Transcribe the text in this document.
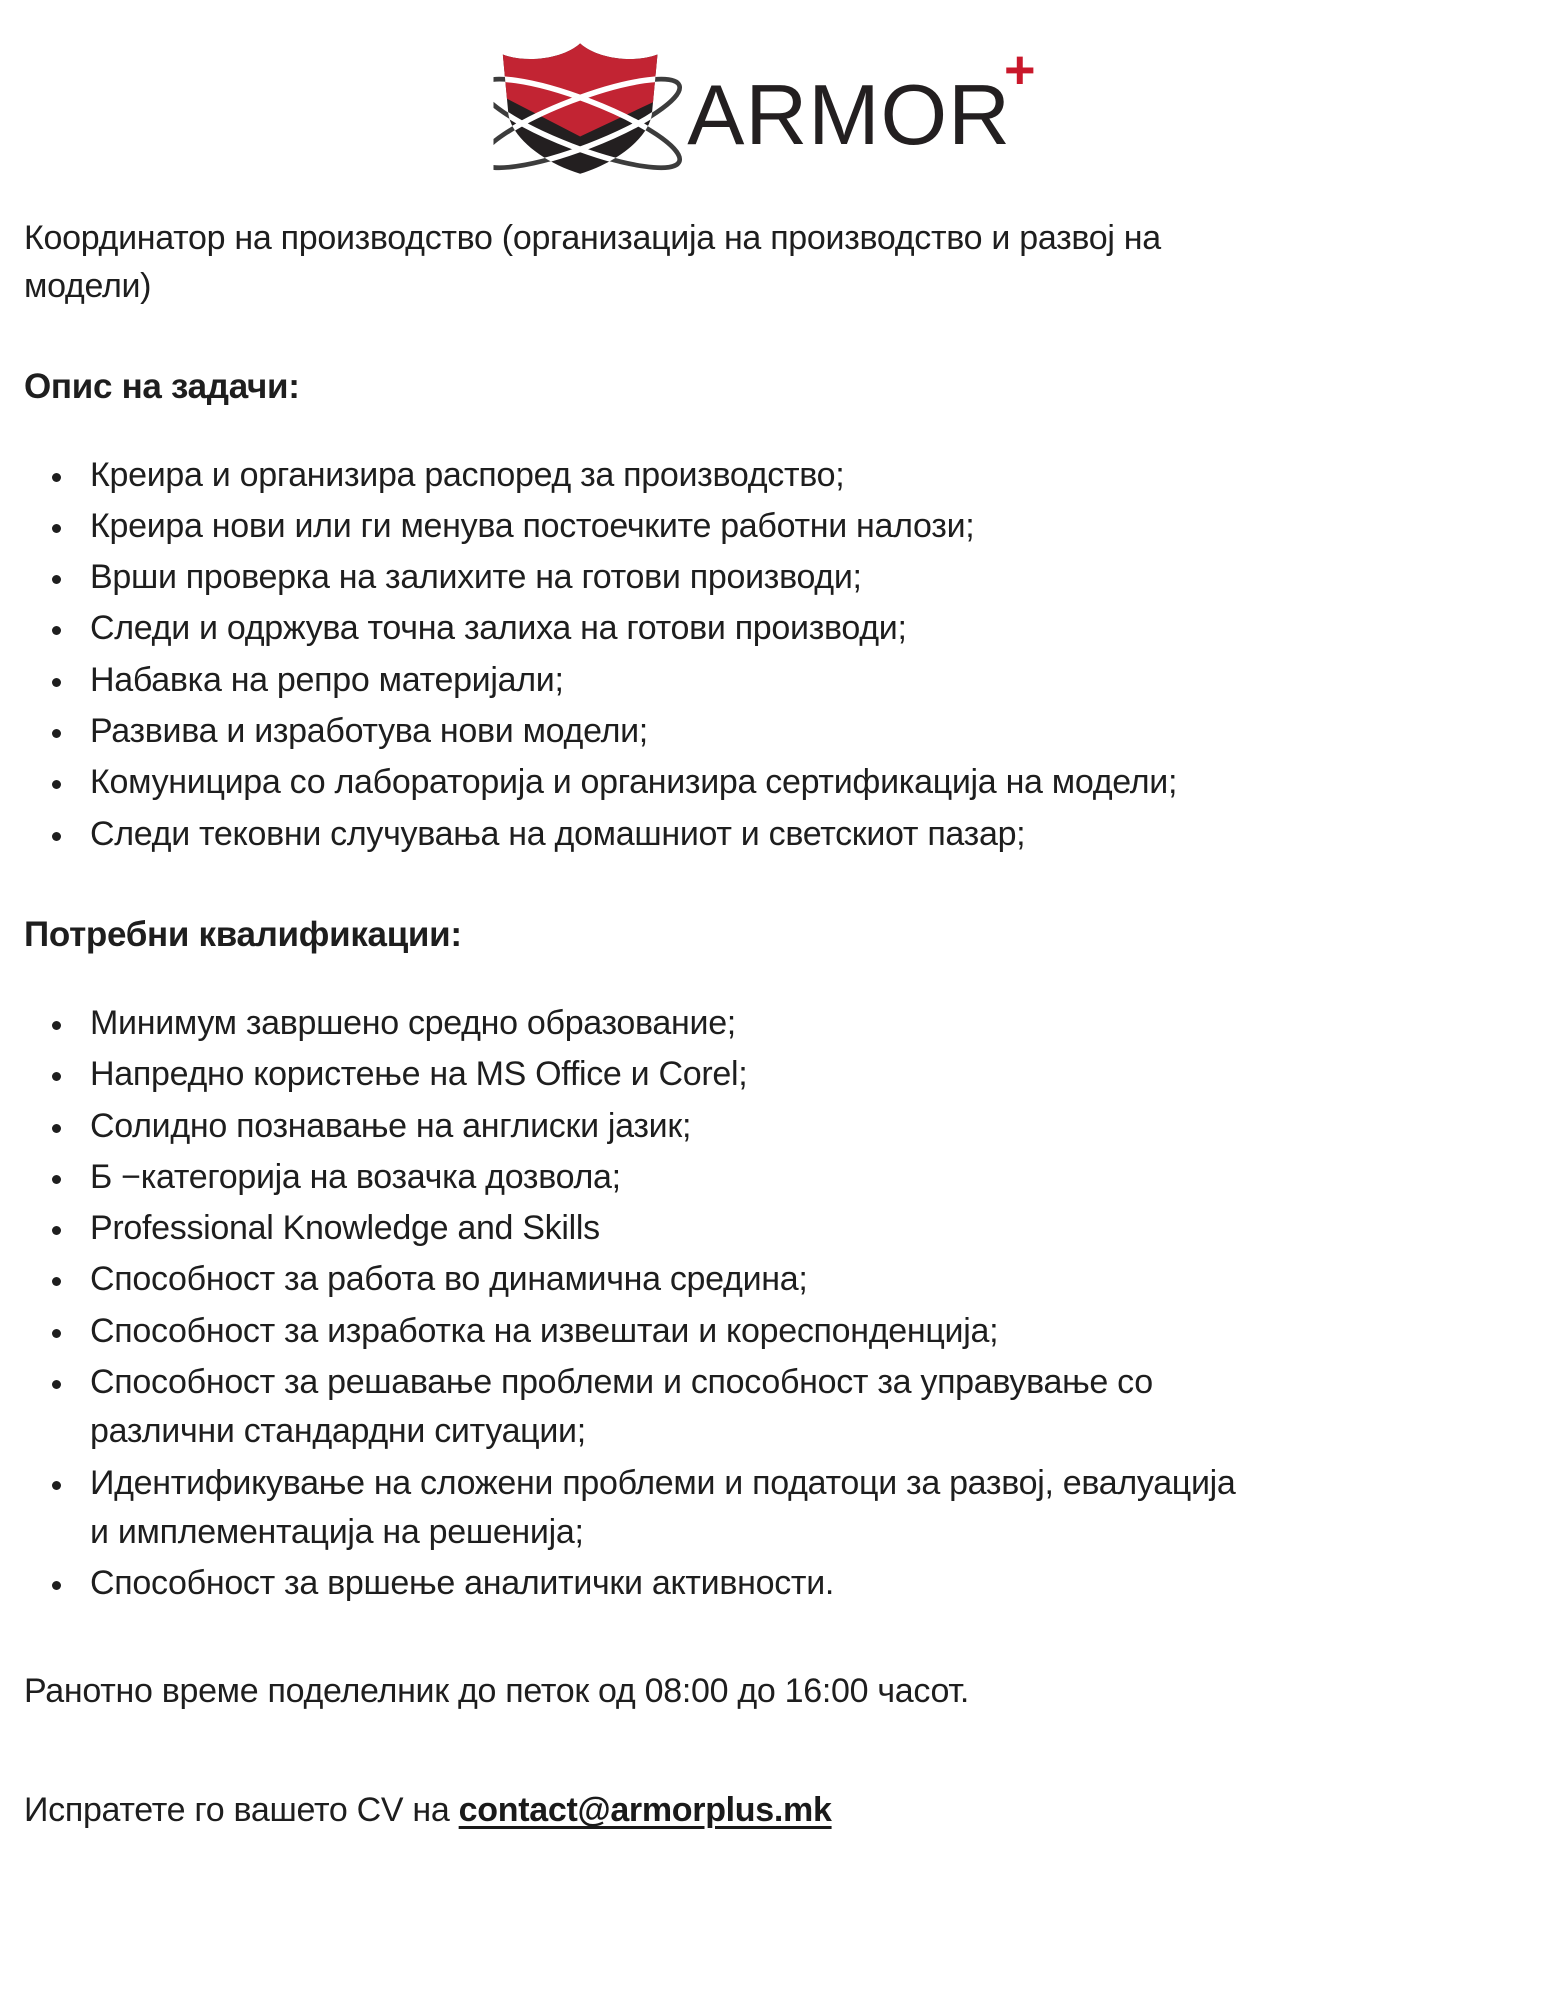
ARMOR
+

Координатор на производство (организација на производство и развој на модели)

Опис на задачи:
• Креира и организира распоред за производство;
• Креира нови или ги менува постоечките работни налози;
• Врши проверка на залихите на готови производи;
• Следи и одржува точна залиха на готови производи;
• Набавка на репро материјали;
• Развива и изработува нови модели;
• Комуницира со лабораторија и организира сертификација на модели;
• Следи тековни случувања на домашниот и светскиот пазар;
Потребни квалификации:
• Минимум завршено средно образование;
• Напредно користење на MS Office и Corel;
• Солидно познавање на англиски јазик;
• Б −категорија на возачка дозвола;
• Professional Knowledge and Skills
• Способност за работа во динамична средина;
• Способност за изработка на извештаи и кореспонденција;
• Способност за решавање проблеми и способност за управување со различни стандардни ситуации;
• Идентификување на сложени проблеми и податоци за развој, евалуација и имплементација на решенија;
• Способност за вршење аналитички активности.

Ранотно време поделелник до петок од 08:00 до 16:00 часот.

Испратете го вашето CV на contact@armorplus.mk
